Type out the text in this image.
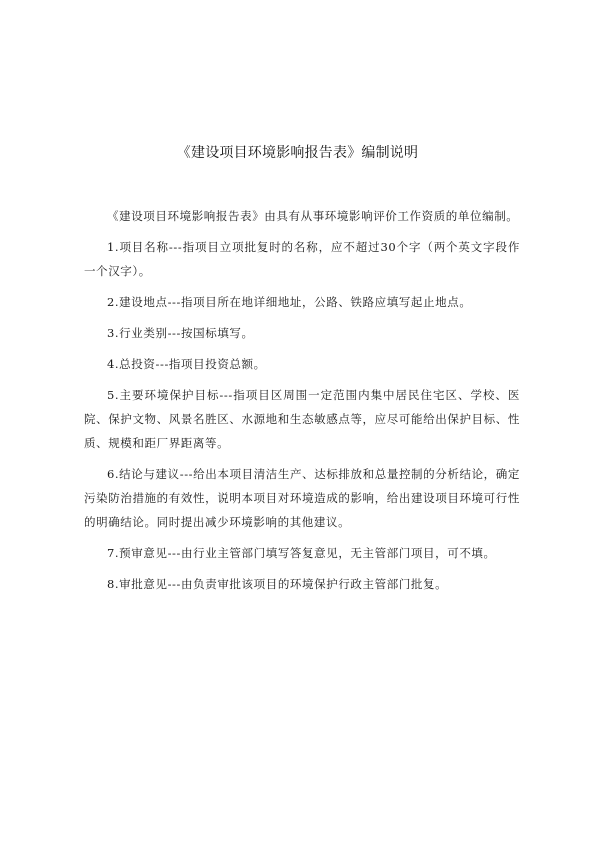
《建设项目环境影响报告表》编制说明

《建设项目环境影响报告表》由具有从事环境影响评价工作资质的单位编制。

1.项目名称---指项目立项批复时的名称，应不超过30个字（两个英文字段作一个汉字）。

2.建设地点---指项目所在地详细地址，公路、铁路应填写起止地点。

3.行业类别---按国标填写。

4.总投资---指项目投资总额。

5.主要环境保护目标---指项目区周围一定范围内集中居民住宅区、学校、医院、保护文物、风景名胜区、水源地和生态敏感点等，应尽可能给出保护目标、性质、规模和距厂界距离等。

6.结论与建议---给出本项目清洁生产、达标排放和总量控制的分析结论，确定污染防治措施的有效性，说明本项目对环境造成的影响，给出建设项目环境可行性的明确结论。同时提出减少环境影响的其他建议。

7.预审意见---由行业主管部门填写答复意见，无主管部门项目，可不填。

8.审批意见---由负责审批该项目的环境保护行政主管部门批复。
